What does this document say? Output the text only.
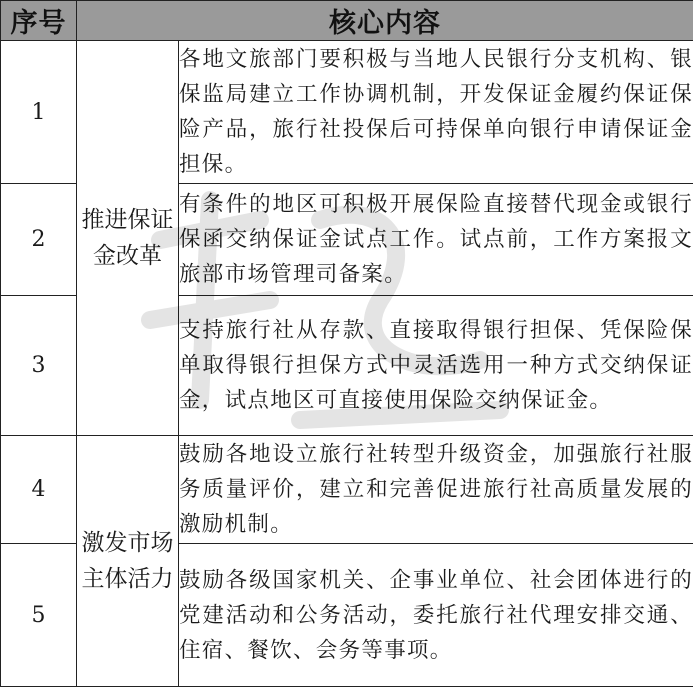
序号	核心内容	
1	推进保证金改革	各地文旅部门要积极与当地人民银行分支机构、银保监局建立工作协调机制，开发保证金履约保证保险产品，旅行社投保后可持保单向银行申请保证金担保。
2		有条件的地区可积极开展保险直接替代现金或银行保函交纳保证金试点工作。试点前，工作方案报文旅部市场管理司备案。
3		支持旅行社从存款、直接取得银行担保、凭保险保单取得银行担保方式中灵活选用一种方式交纳保证金，试点地区可直接使用保险交纳保证金。
4	激发市场主体活力	鼓励各地设立旅行社转型升级资金，加强旅行社服务质量评价，建立和完善促进旅行社高质量发展的激励机制。
5		鼓励各级国家机关、企事业单位、社会团体进行的党建活动和公务活动，委托旅行社代理安排交通、住宿、餐饮、会务等事项。
